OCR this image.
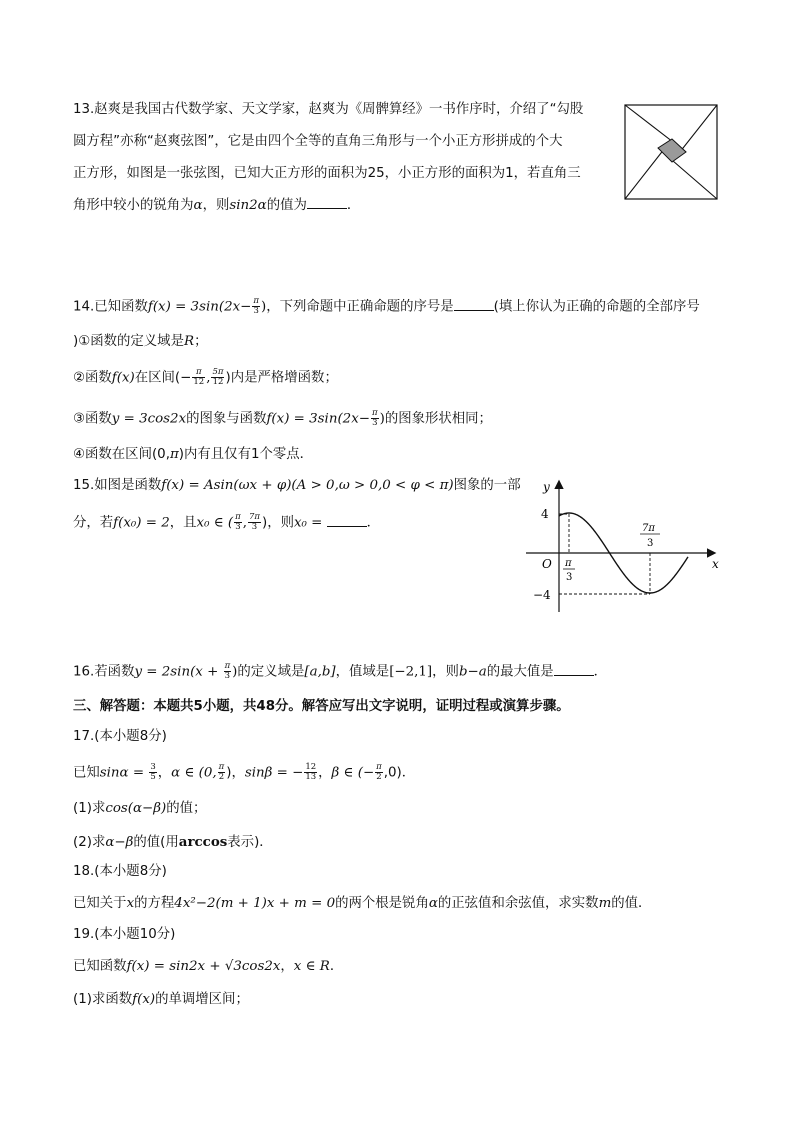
13.赵爽是我国古代数学家、天文学家，赵爽为《周髀算经》一书作序时，介绍了“勾股
圆方程”亦称“赵爽弦图”，它是由四个全等的直角三角形与一个小正方形拼成的个大
正方形，如图是一张弦图，已知大正方形的面积为25，小正方形的面积为1，若直角三
角形中较小的锐角为α，则sin2α的值为	．
14.已知函数$f(x) = 3\sin(2x- \frac{\pi}{3}$ )，下列命题中正确命题的序号是	(填上你认为正确的命题的全部序号
)①函数的定义域是R；
②函数f(x)在区间(− $\frac{\pi}{12}$ , $\frac{5\pi}{12}$ )内是严格增函数；
③函数y = 3cos2x的图象与函数$f(x) = 3\sin(2x- \frac{\pi}{3}$ )的图象形状相同；
④函数在区间(0,π)内有且仅有1个零点．
15.如图是函数f(x) = Asin(ωx + φ)(A > 0,ω > 0,0 < φ < π)图象的一部
分，若f(x₀) = 2，且x₀ ∈ ( $\frac{\pi}{3}$ , $\frac{7\pi}{3}$ )，则x₀ =	．
y
x
O
4
−4
π
3
7π
3
16.若函数$y = 2\sin(x + \frac{\pi}{3}$ )的定义域是[a,b]，值域是[−2,1]，则b−a的最大值是	．
三、解答题：本题共5小题，共48分。解答应写出文字说明，证明过程或演算步骤。
17.(本小题8分)
已知$\sin\alpha = \frac{3}{5}$ ，α ∈ (0, $\frac{\pi}{2}$ )，sinβ = − $\frac{12}{13}$ ，β ∈ (− $\frac{\pi}{2} ,0$)．
(1)求cos(α−β)的值；
(2)求α−β的值(用arccos表示)．
18.(本小题8分)
已知关于x的方程4x²−2(m + 1)x + m = 0的两个根是锐角α的正弦值和余弦值，求实数m的值．
19.(本小题10分)
已知函数f(x) = sin2x + √3cos2x，x ∈ R．
(1)求函数f(x)的单调增区间；
